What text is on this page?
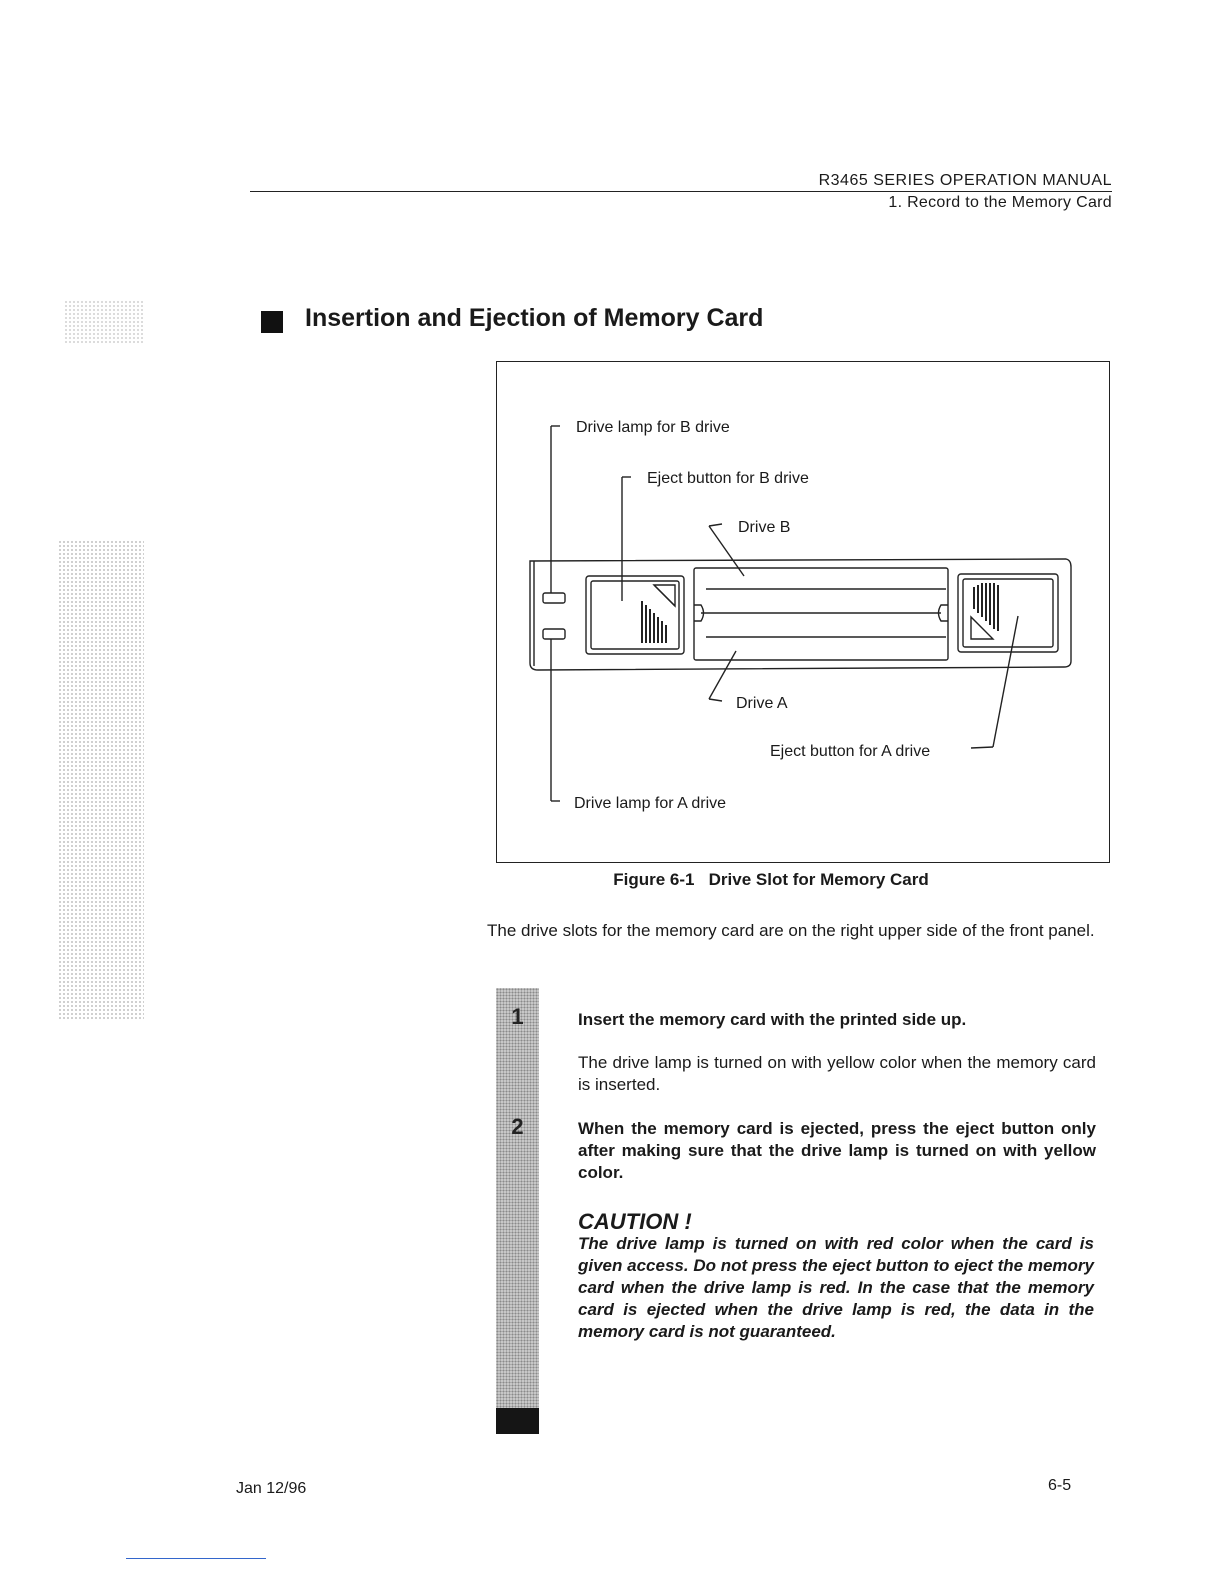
R3465 SERIES OPERATION MANUAL
1. Record to the Memory Card
Insertion and Ejection of Memory Card
Drive lamp for B drive
Eject button for B drive
Drive B
Drive A
Eject button for A drive
Drive lamp for A drive
Figure 6-1 Drive Slot for Memory Card
The drive slots for the memory card are on the right upper side of the front panel.
1
2
Insert the memory card with the printed side up.
The drive lamp is turned on with yellow color when the memory card is inserted.
When the memory card is ejected, press the eject button only after making sure that the drive lamp is turned on with yellow color.
CAUTION !
The drive lamp is turned on with red color when the card is given access. Do not press the eject button to eject the memory card when the drive lamp is red. In the case that the memory card is ejected when the drive lamp is red, the data in the memory card is not guaranteed.
Jan 12/96	6-5
